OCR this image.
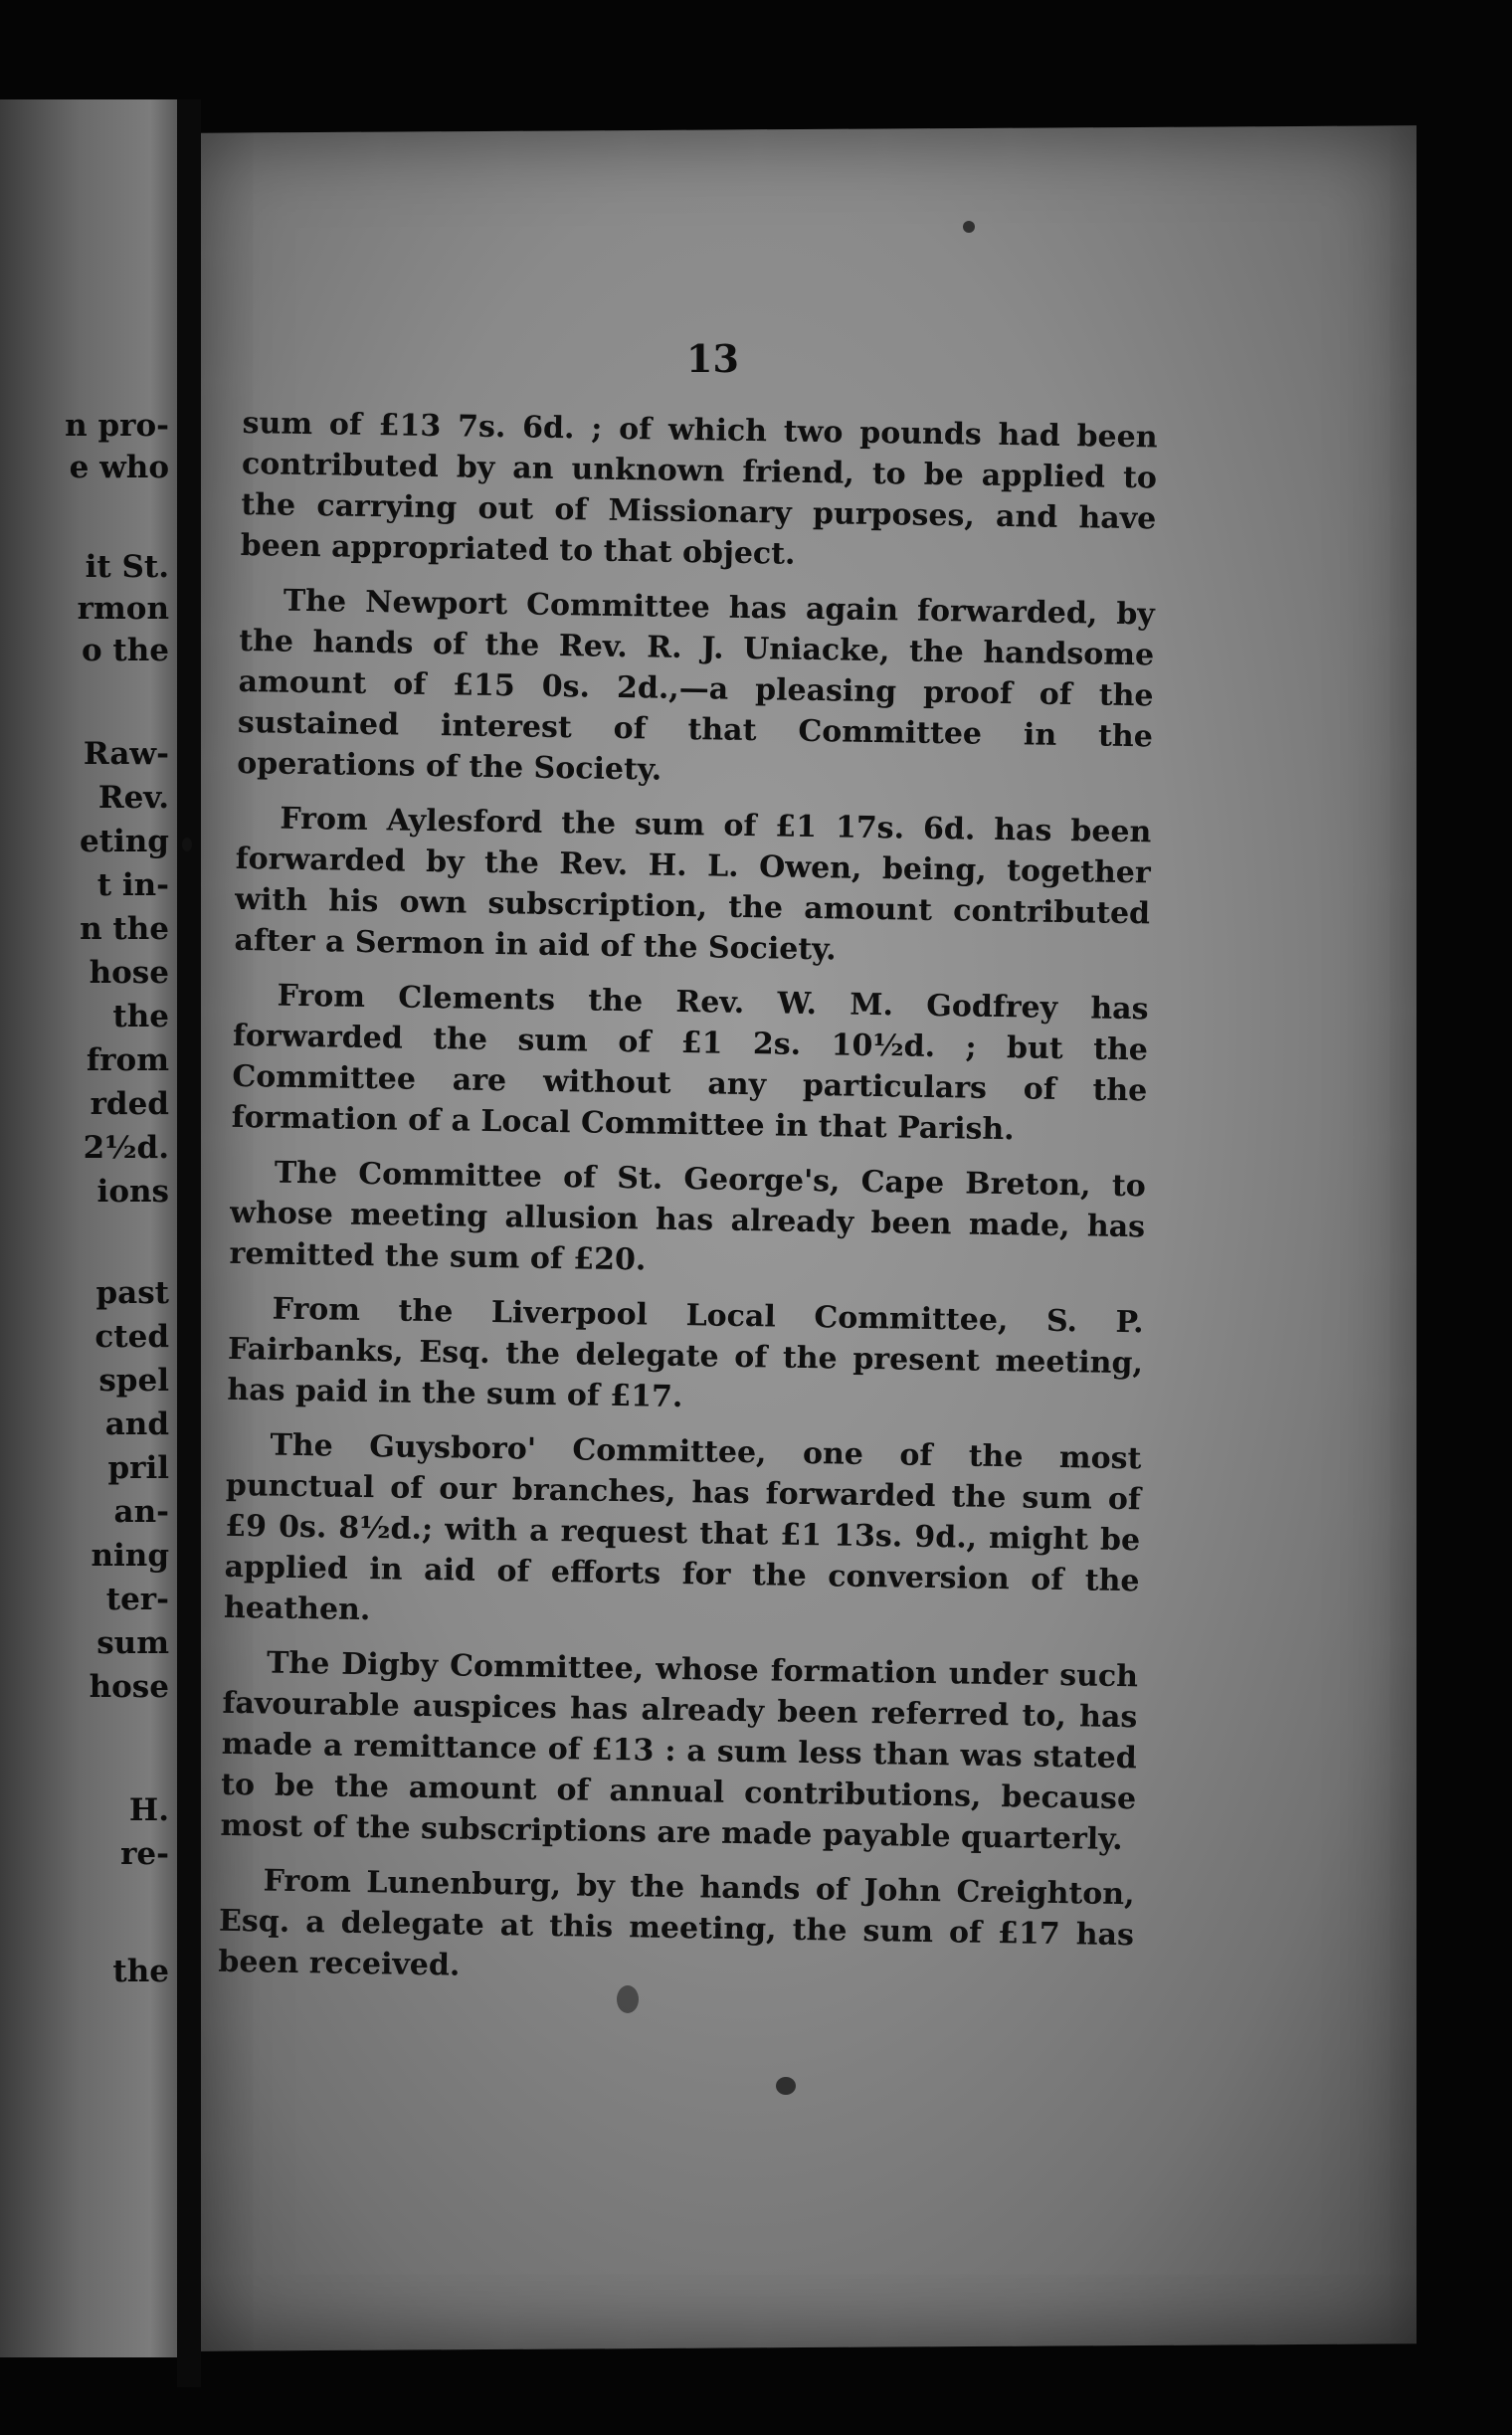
n pro-
e who
it St.
rmon
o the
Raw-
Rev.
eting
t in-
n the
hose
the
from
rded
2½d.
ions
past
cted
spel
and
pril
an-
ning
ter-
sum
hose
H.
re-
the
13

sum of £13 7s. 6d. ; of which two pounds had been contributed by an unknown friend, to be applied to the carrying out of Missionary purposes, and have been appropriated to that object.

The Newport Committee has again forwarded, by the hands of the Rev. R. J. Uniacke, the handsome amount of £15 0s. 2d.,—a pleasing proof of the sustained interest of that Committee in the operations of the Society.

From Aylesford the sum of £1 17s. 6d. has been forwarded by the Rev. H. L. Owen, being, together with his own subscription, the amount contributed after a Sermon in aid of the Society.

From Clements the Rev. W. M. Godfrey has forwarded the sum of £1 2s. 10½d. ; but the Committee are without any particulars of the formation of a Local Committee in that Parish.

The Committee of St. George's, Cape Breton, to whose meeting allusion has already been made, has remitted the sum of £20.

From the Liverpool Local Committee, S. P. Fairbanks, Esq. the delegate of the present meeting, has paid in the sum of £17.

The Guysboro' Committee, one of the most punctual of our branches, has forwarded the sum of £9 0s. 8½d.; with a request that £1 13s. 9d., might be applied in aid of efforts for the conversion of the heathen.

The Digby Committee, whose formation under such favourable auspices has already been referred to, has made a remittance of £13 : a sum less than was stated to be the amount of annual contributions, because most of the subscriptions are made payable quarterly.

From Lunenburg, by the hands of John Creighton, Esq. a delegate at this meeting, the sum of £17 has been received.
